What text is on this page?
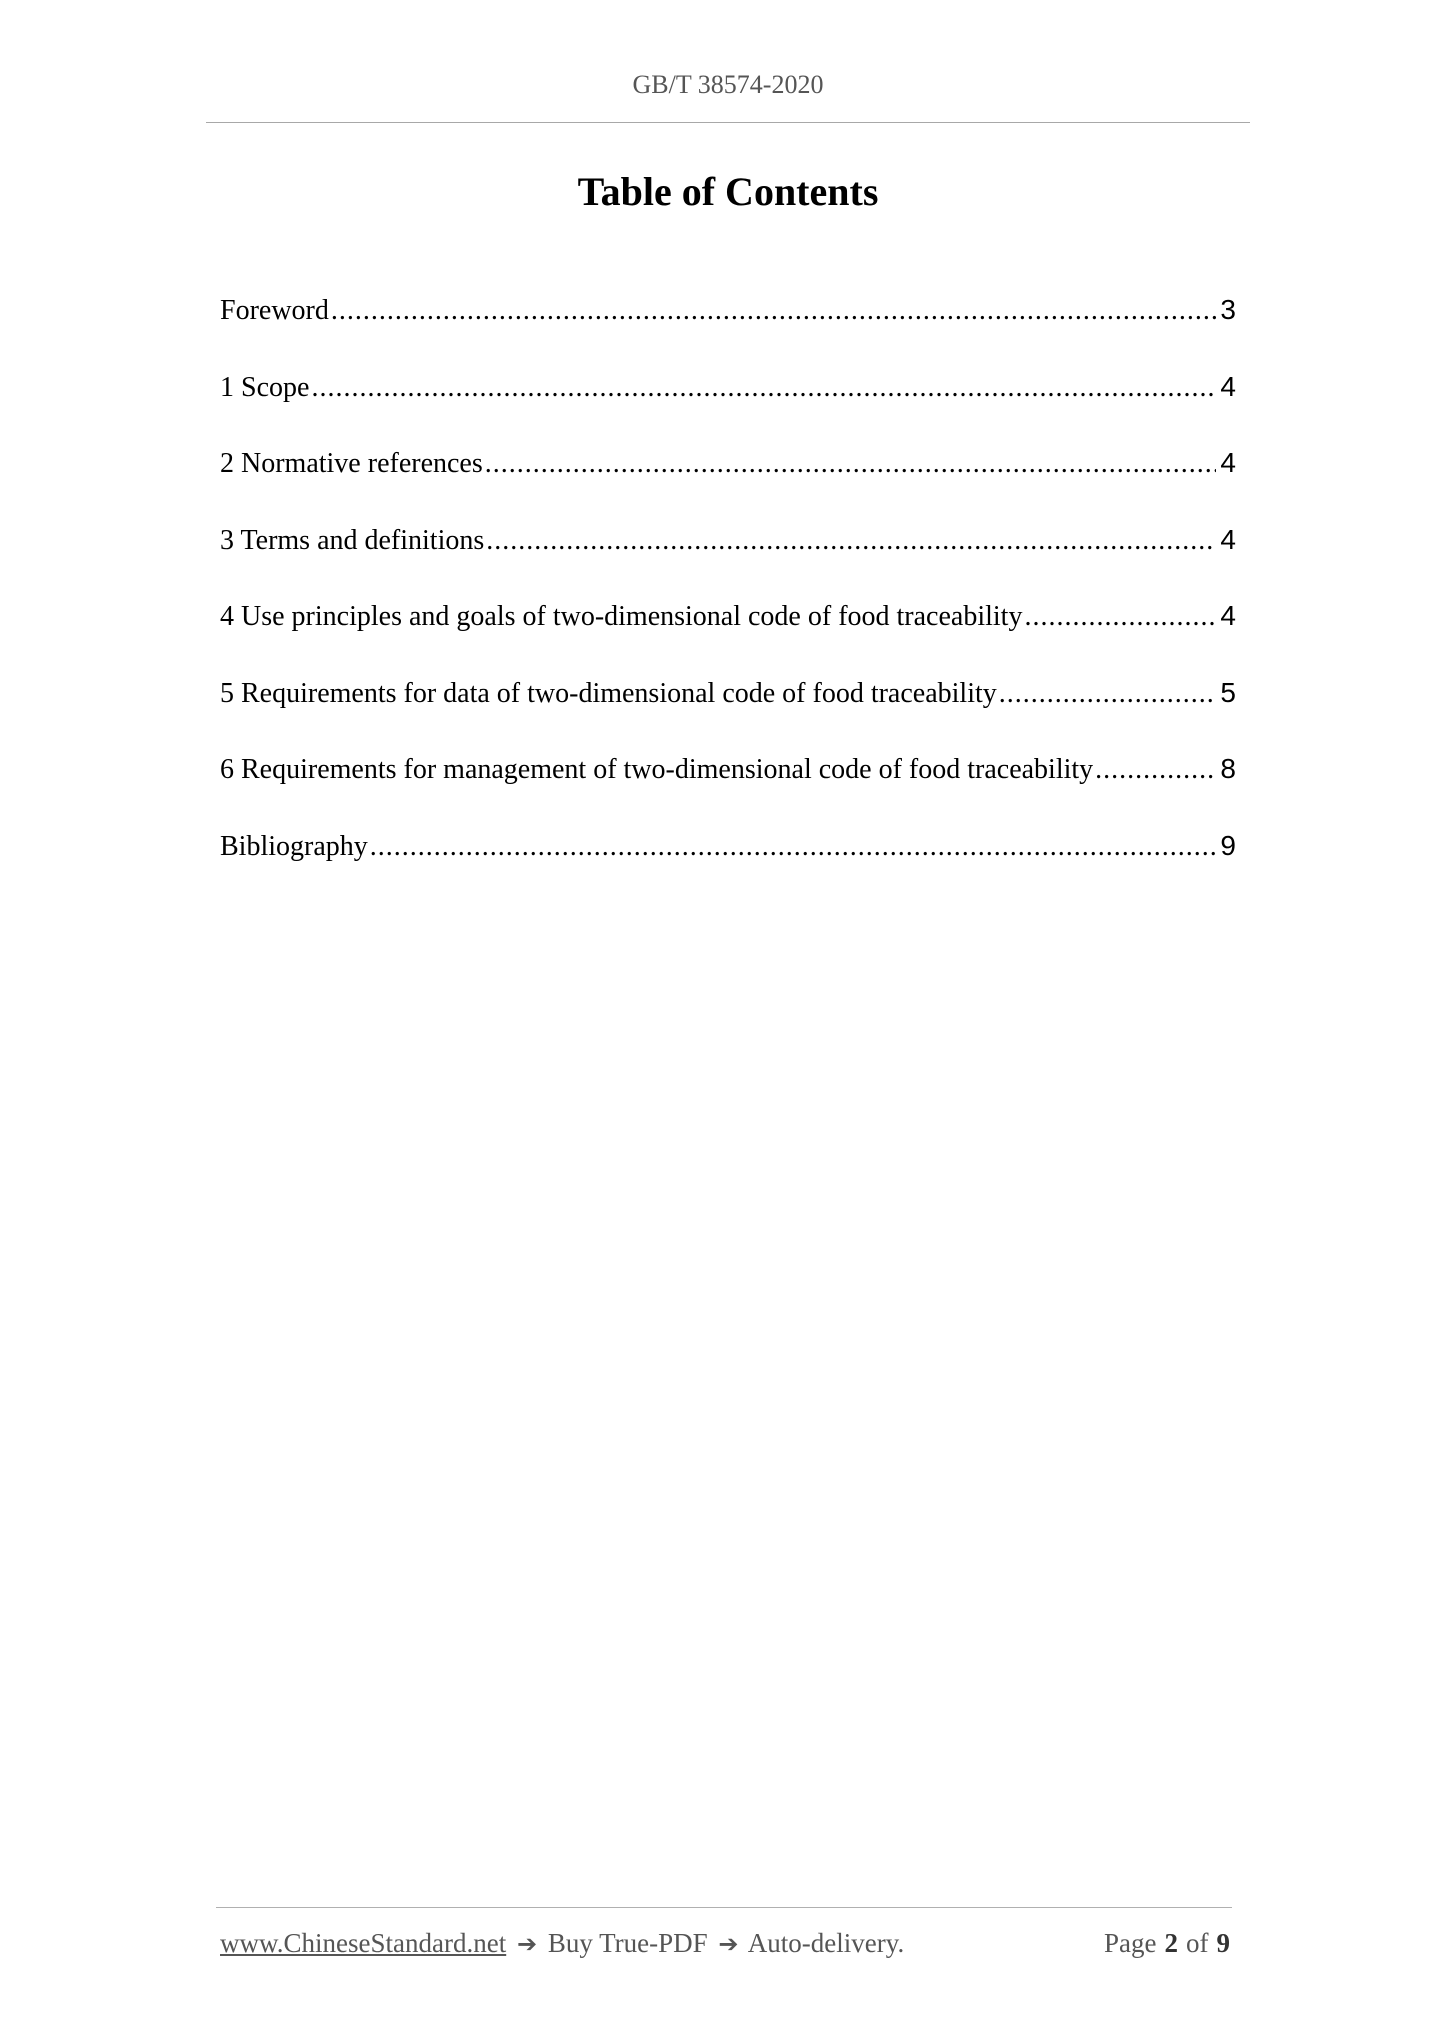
GB/T 38574-2020
Table of Contents
Foreword .....	3
1 Scope .....	4
2 Normative references .....	4
3 Terms and definitions .....	4
4 Use principles and goals of two-dimensional code of food traceability .....	4
5 Requirements for data of two-dimensional code of food traceability .....	5
6 Requirements for management of two-dimensional code of food traceability .....	8
Bibliography .....	9
www.ChineseStandard.net ➔ Buy True-PDF ➔ Auto-delivery.	Page 2 of 9
